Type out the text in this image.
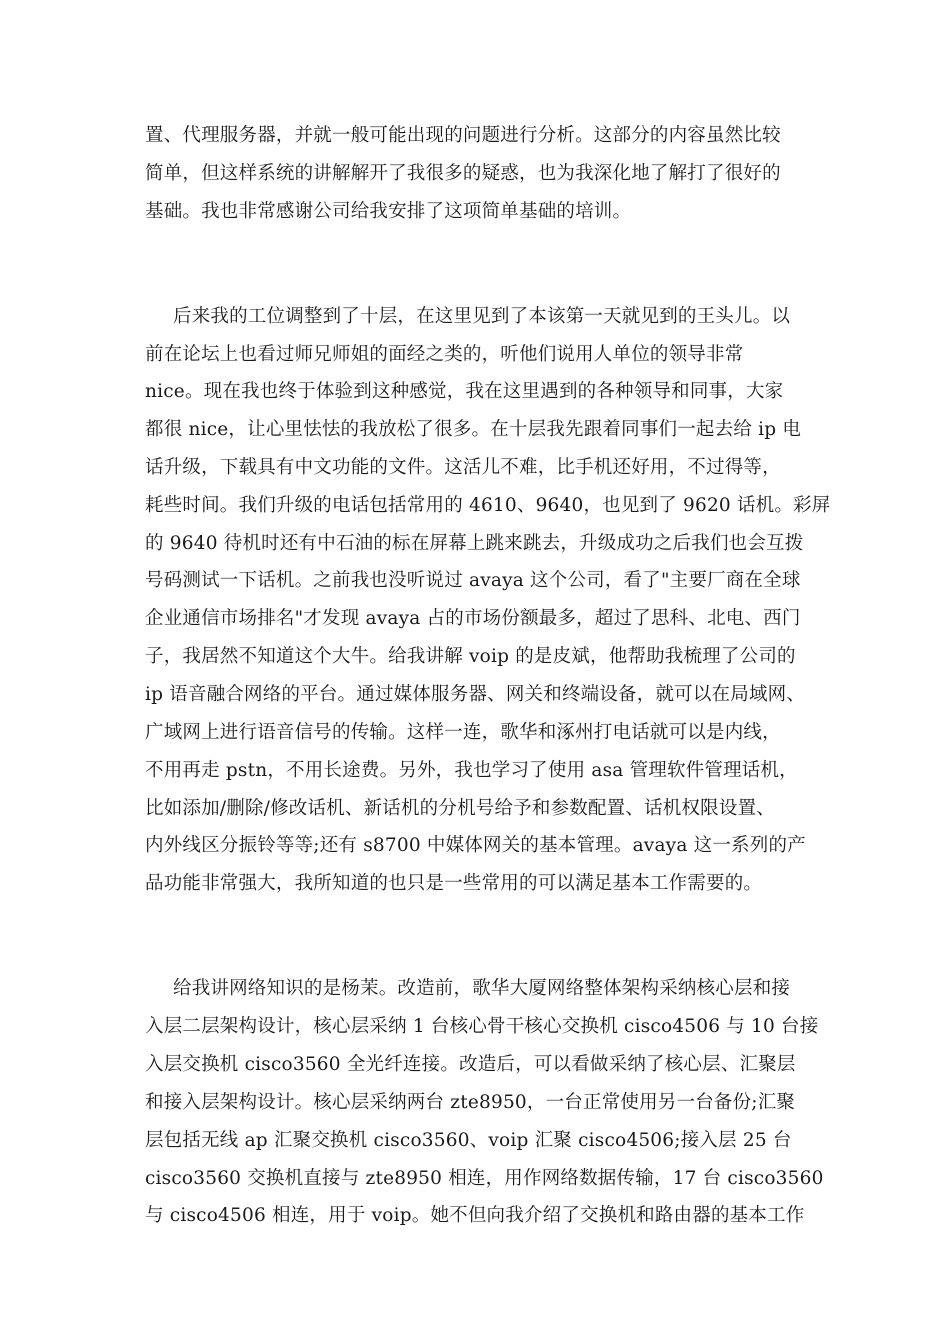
置、代理服务器，并就一般可能出现的问题进行分析。这部分的内容虽然比较
简单，但这样系统的讲解解开了我很多的疑惑，也为我深化地了解打了很好的
基础。我也非常感谢公司给我安排了这项简单基础的培训。
后来我的工位调整到了十层，在这里见到了本该第一天就见到的王头儿。以
前在论坛上也看过师兄师姐的面经之类的，听他们说用人单位的领导非常
nice。现在我也终于体验到这种感觉，我在这里遇到的各种领导和同事，大家
都很 nice，让心里怯怯的我放松了很多。在十层我先跟着同事们一起去给 ip 电
话升级，下载具有中文功能的文件。这活儿不难，比手机还好用，不过得等，
耗些时间。我们升级的电话包括常用的 4610、9640，也见到了 9620 话机。彩屏
的 9640 待机时还有中石油的标在屏幕上跳来跳去，升级成功之后我们也会互拨
号码测试一下话机。之前我也没听说过 avaya 这个公司，看了"主要厂商在全球
企业通信市场排名"才发现 avaya 占的市场份额最多，超过了思科、北电、西门
子，我居然不知道这个大牛。给我讲解 voip 的是皮斌，他帮助我梳理了公司的
ip 语音融合网络的平台。通过媒体服务器、网关和终端设备，就可以在局域网、
广域网上进行语音信号的传输。这样一连，歌华和涿州打电话就可以是内线，
不用再走 pstn，不用长途费。另外，我也学习了使用 asa 管理软件管理话机，
比如添加/删除/修改话机、新话机的分机号给予和参数配置、话机权限设置、
内外线区分振铃等等;还有 s8700 中媒体网关的基本管理。avaya 这一系列的产
品功能非常强大，我所知道的也只是一些常用的可以满足基本工作需要的。
给我讲网络知识的是杨茉。改造前，歌华大厦网络整体架构采纳核心层和接
入层二层架构设计，核心层采纳 1 台核心骨干核心交换机 cisco4506 与 10 台接
入层交换机 cisco3560 全光纤连接。改造后，可以看做采纳了核心层、汇聚层
和接入层架构设计。核心层采纳两台 zte8950，一台正常使用另一台备份;汇聚
层包括无线 ap 汇聚交换机 cisco3560、voip 汇聚 cisco4506;接入层 25 台
cisco3560 交换机直接与 zte8950 相连，用作网络数据传输，17 台 cisco3560
与 cisco4506 相连，用于 voip。她不但向我介绍了交换机和路由器的基本工作
